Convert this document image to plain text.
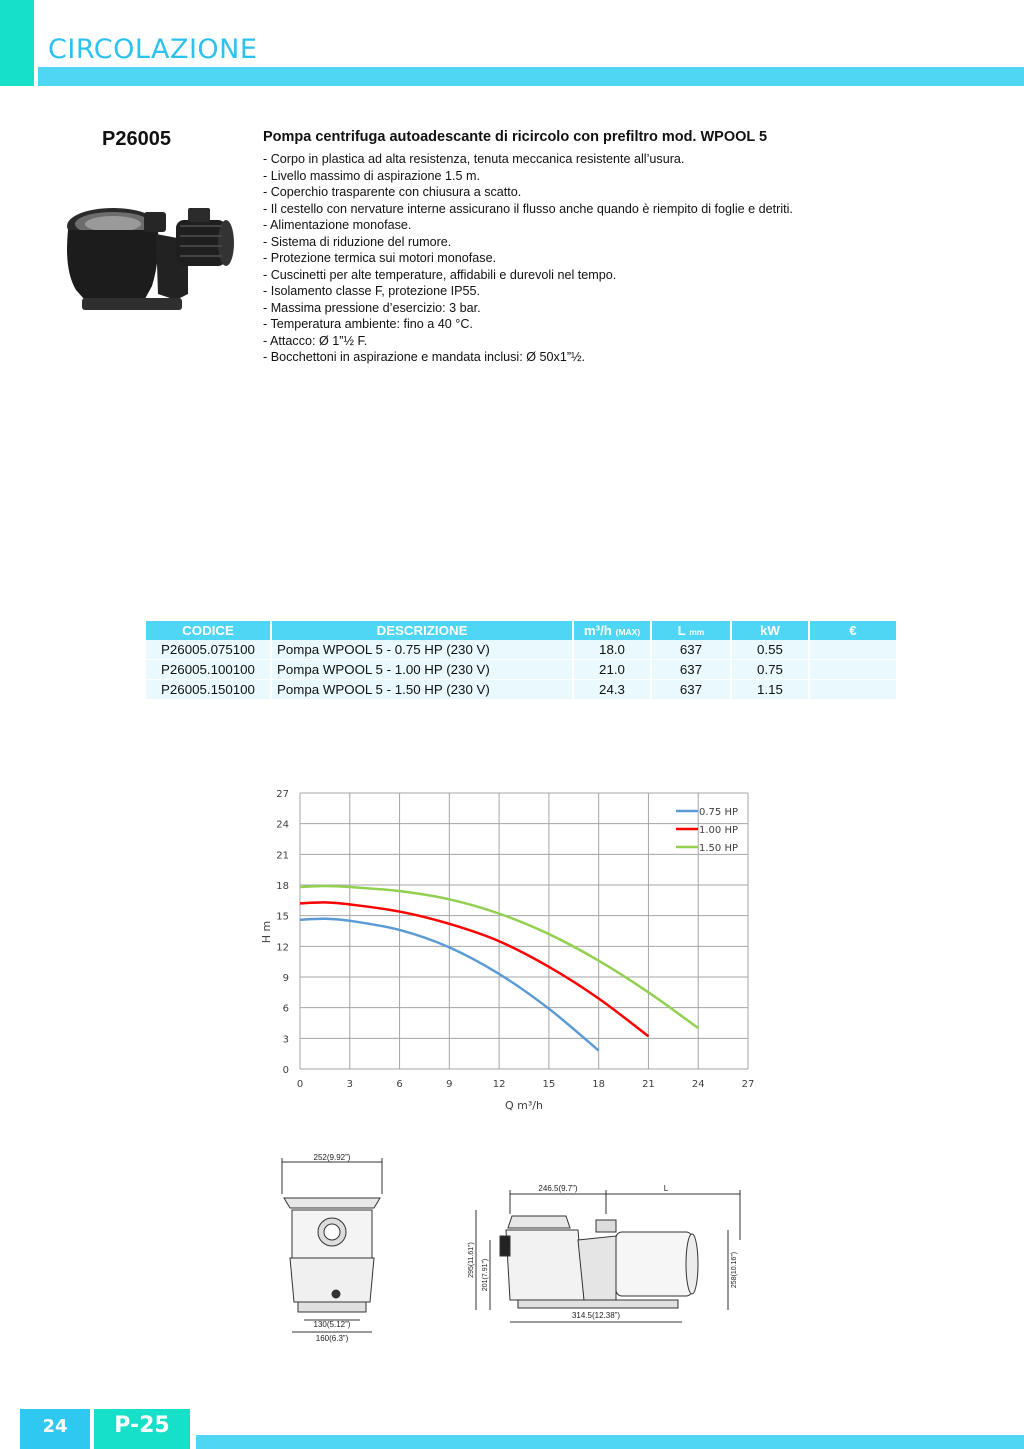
CIRCOLAZIONE
P26005	Pompa centrifuga autoadescante di ricircolo con prefiltro mod. WPOOL 5
- Corpo in plastica ad alta resistenza, tenuta meccanica resistente all’usura.
- Livello massimo di aspirazione 1.5 m.
- Coperchio trasparente con chiusura a scatto.
- Il cestello con nervature interne assicurano il flusso anche quando è riempito di foglie e detriti.
- Alimentazione monofase.
- Sistema di riduzione del rumore.
- Protezione termica sui motori monofase.
- Cuscinetti per alte temperature, affidabili e durevoli nel tempo.
- Isolamento classe F, protezione IP55.
- Massima pressione d’esercizio: 3 bar.
- Temperatura ambiente: fino a 40 °C.
- Attacco: Ø 1”½ F.
- Bocchettoni in aspirazione e mandata inclusi: Ø 50x1”½.
CODICE	DESCRIZIONE	m³/h (MAX)	L mm	kW	€
P26005.075100	Pompa WPOOL 5 - 0.75 HP (230 V)	18.0	637	0.55	
P26005.100100	Pompa WPOOL 5 - 1.00 HP (230 V)	21.0	637	0.75	
P26005.150100	Pompa WPOOL 5 - 1.50 HP (230 V)	24.3	637	1.15	
0	3	6	9	12	15	18	21	24	27
0
3
6
9
12
15
18
21
24
27
0.75 HP
1.00 HP
1.50 HP
Q m³/h
H m
252(9.92”)
130(5.12”)
160(6.3”)
246.5(9.7”)	L
295(11.61”) 201(7.91”)	258(10.16”)
314.5(12.38”)
24	P-25
